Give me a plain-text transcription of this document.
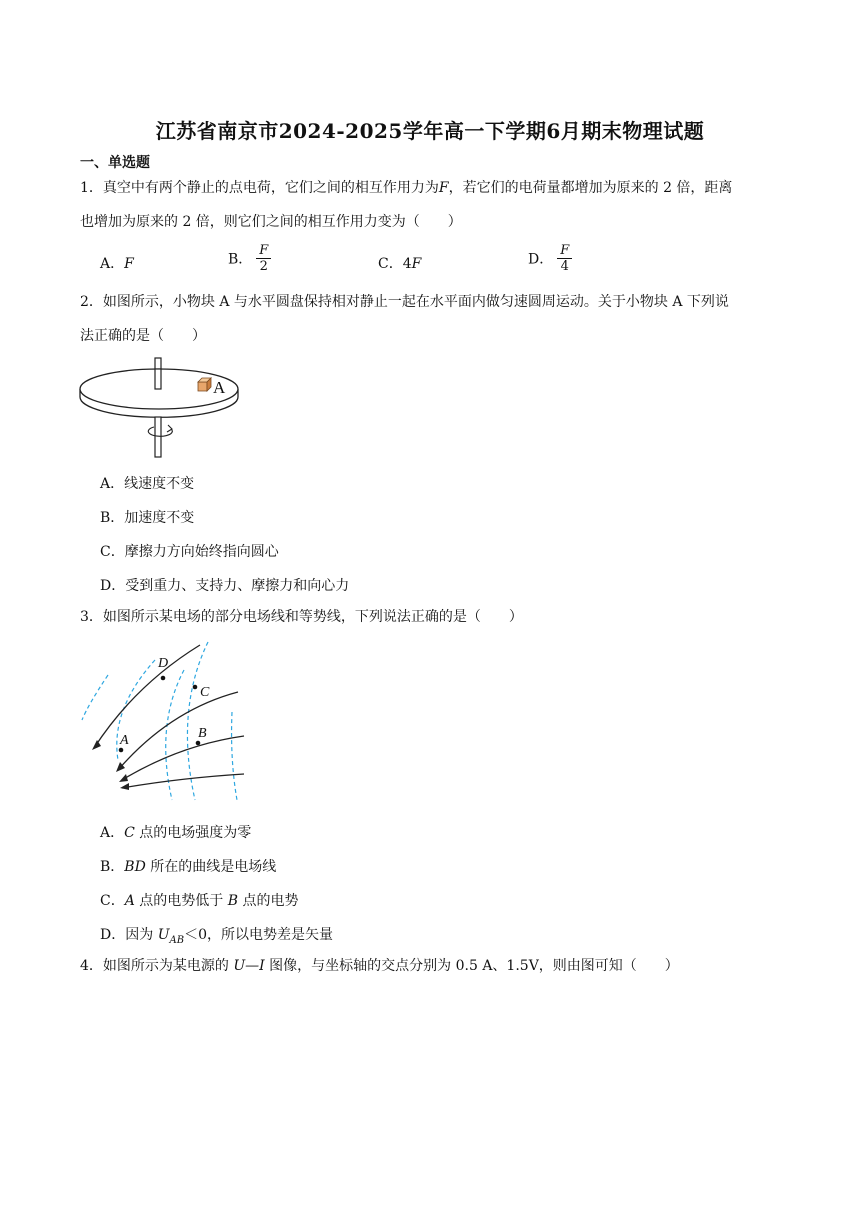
江苏省南京市2024-2025学年高一下学期6月期末物理试题
一、单选题
1．真空中有两个静止的点电荷，它们之间的相互作用力为F，若它们的电荷量都增加为原来的 2 倍，距离
也增加为原来的 2 倍，则它们之间的相互作用力变为（　　）
A．F	B． $\frac{F}{2}$	C．4F	D． $\frac{F}{4}$
2．如图所示，小物块 A 与水平圆盘保持相对静止一起在水平面内做匀速圆周运动。关于小物块 A 下列说
法正确的是（　　）
A
A．线速度不变
B．加速度不变
C．摩擦力方向始终指向圆心
D．受到重力、支持力、摩擦力和向心力
3．如图所示某电场的部分电场线和等势线，下列说法正确的是（　　）
D
C
A	B
A．C 点的电场强度为零
B．BD 所在的曲线是电场线
C．A 点的电势低于 B 点的电势
D．因为 $U_{AB}<0$，所以电势差是矢量
4．如图所示为某电源的 U—I 图像，与坐标轴的交点分别为 0.5 A、1.5V，则由图可知（　　）
